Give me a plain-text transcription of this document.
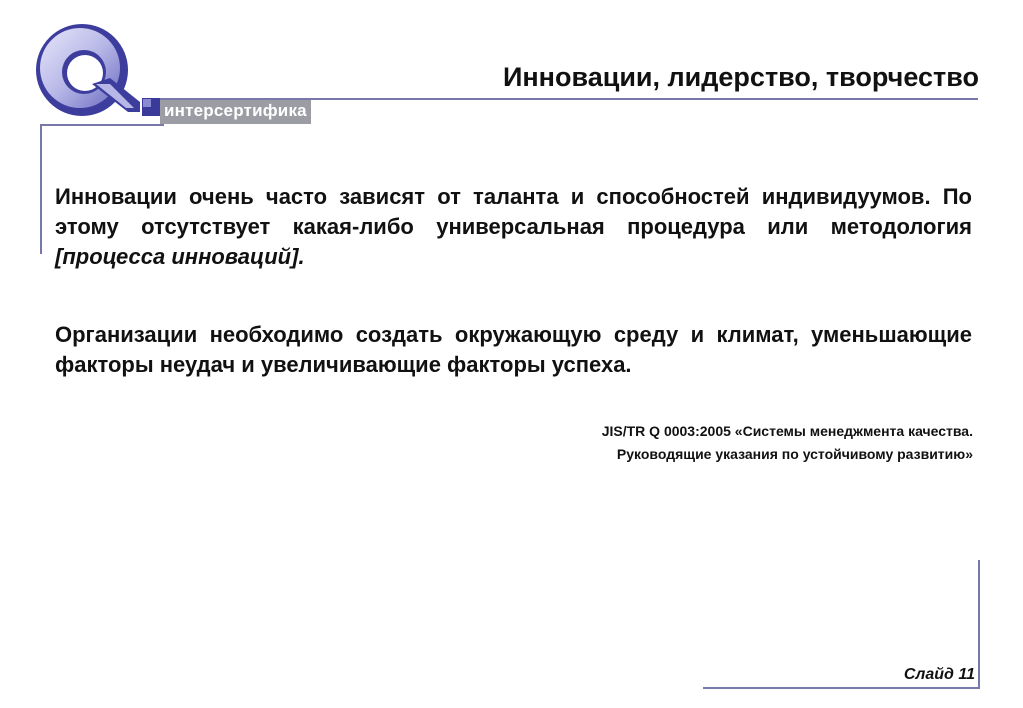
интерсертифика
Инновации, лидерство, творчество
Инновации очень часто зависят от таланта и способностей индивидуумов. По этому отсутствует какая-либо универсальная процедура или методология [процесса инноваций].
Организации необходимо создать окружающую среду и климат, уменьшающие факторы неудач и увеличивающие факторы успеха.
JIS/TR Q 0003:2005 «Системы менеджмента качества.
Руководящие указания по устойчивому развитию»
Слайд 11
